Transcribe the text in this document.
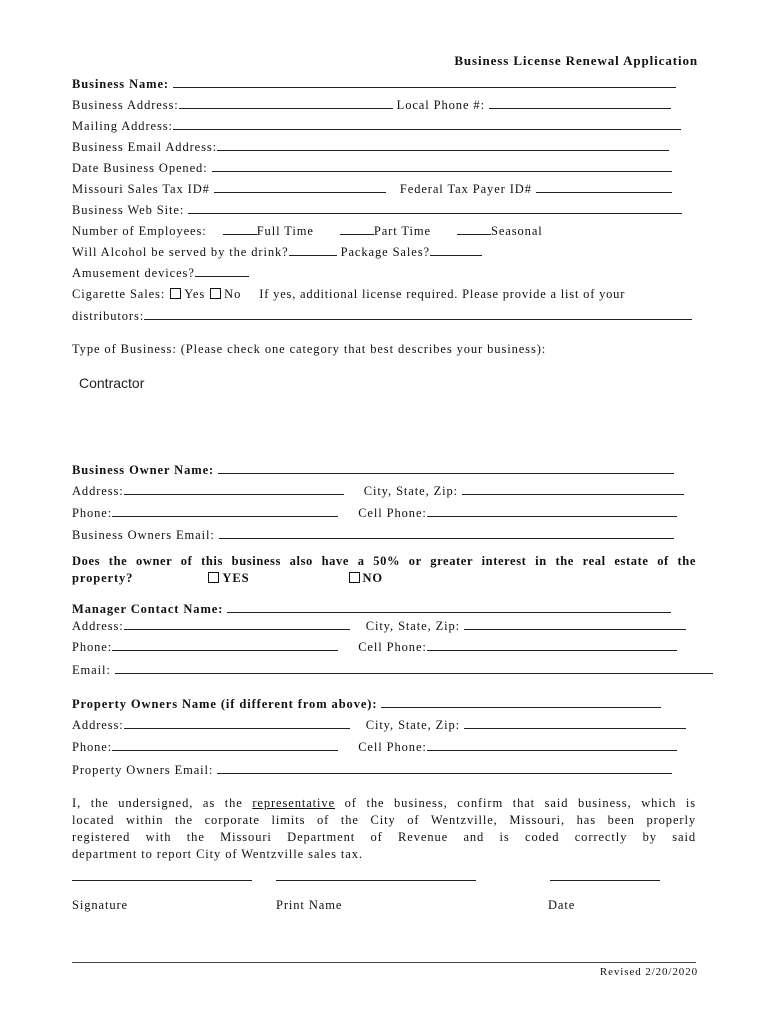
Business License Renewal Application
Business Name:
Business Address:	Local Phone #:
Mailing Address:
Business Email Address:
Date Business Opened:
Missouri Sales Tax ID#	Federal Tax Payer ID#
Business Web Site:
Number of Employees:	Full Time	Part Time	Seasonal
Will Alcohol be served by the drink?	Package Sales?
Amusement devices?
Cigarette Sales: Yes No If yes, additional license required. Please provide a list of your
distributors:
Type of Business: (Please check one category that best describes your business):
Contractor
Business Owner Name:
Address:	City, State, Zip:
Phone:	Cell Phone:
Business Owners Email:
Does the owner of this business also have a 50% or greater interest in the real estate of the
property?	YES	NO
Manager Contact Name:
Address:	City, State, Zip:
Phone:	Cell Phone:
Email:
Property Owners Name (if different from above):
Address:	City, State, Zip:
Phone:	Cell Phone:
Property Owners Email:
I, the undersigned, as the representative of the business, confirm that said business, which is
located within the corporate limits of the City of Wentzville, Missouri, has been properly
registered with the Missouri Department of Revenue and is coded correctly by said
department to report City of Wentzville sales tax.
Signature	Print Name	Date
Revised 2/20/2020
